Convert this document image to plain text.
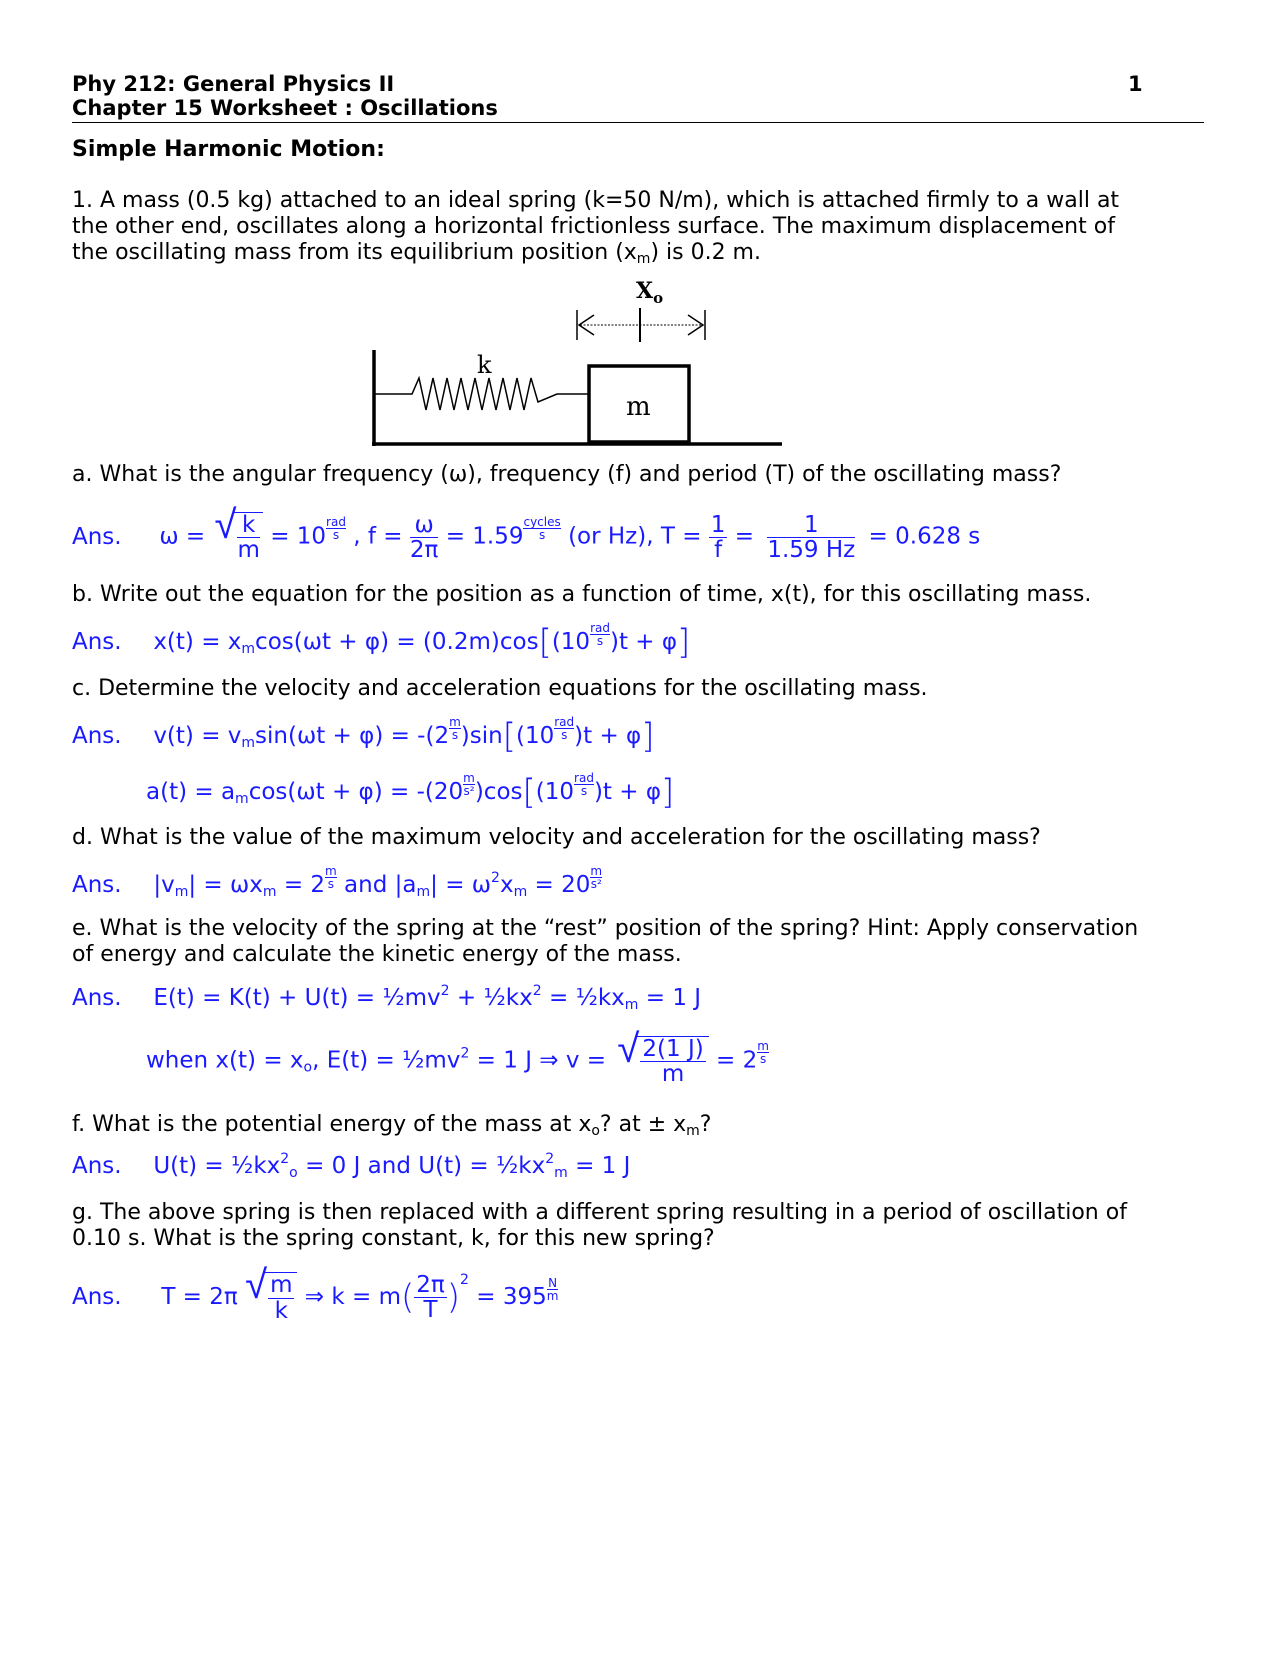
Phy 212: General Physics II
Chapter 15 Worksheet : Oscillations
1
Simple Harmonic Motion:
1. A mass (0.5 kg) attached to an ideal spring (k=50 N/m), which is attached firmly to a wall at
the other end, oscillates along a horizontal frictionless surface. The maximum displacement of
the oscillating mass from its equilibrium position $(x_m)$ is 0.2 m.
$X_o$
k
m
a. What is the angular frequency (ω), frequency (f) and period (T) of the oscillating mass?
Ans. ω = √ $\frac{k}{m} = 10$
rad
s , $f = \frac{\omega}{2\pi} = 1.59$
cycles
s (or Hz), $T = \frac{1}{f} = \frac{1}{1.59 Hz} = 0.628$ s
b. Write out the equation for the position as a function of time, x(t), for this oscillating mass.
Ans. $x(t) = x_m\cos(\omega t + \varphi) = (0.2m)\cos[(10$
rad
s )t + φ]
c. Determine the velocity and acceleration equations for the oscillating mass.
Ans. $v(t) = v_m\sin(\omega t + \varphi) = -(2 \frac{m}{s} )\sin[(10$
rad
s )t + φ]
$a(t) = a_m\cos(\omega t + \varphi) = -(20 \frac{m}{\text{s²}} )\cos[(10$
rad
s )t + φ]
d. What is the value of the maximum velocity and acceleration for the oscillating mass?
Ans. $|v_m| = \omega x_m = 2 \frac{m}{s}$ and $|a_m| = \omega^2x_m = 20 \frac{m}{\text{s²}}$
e. What is the velocity of the spring at the “rest” position of the spring? Hint: Apply conservation
of energy and calculate the kinetic energy of the mass.
Ans. $E(t) = K(t) + U(t) = \frac{1}{2}mv^2$ + $\frac{1}{2}kx^2$ = $\frac{1}{2}kx_m = 1$ J
when $x(t) = x_o$, $E(t) = \frac{1}{2}mv^2 = 1$ J ⇒ v = √ $\frac{2(1 J)}{m} = 2 \frac{m}{s}$
f. What is the potential energy of the mass at $x_o$? at ± $x_m$?
Ans. $U(t) = \frac{1}{2}kx^2_o = 0$ J and $U(t) = \frac{1}{2}kx^2_m = 1$ J
g. The above spring is then replaced with a different spring resulting in a period of oscillation of
0.10 s. What is the spring constant, k, for this new spring?
Ans. T = 2π √ $\frac{m}{k}$ ⇒ $k = m( \frac{2\pi}{T} )^2 = 395 \frac{N}{m}$
